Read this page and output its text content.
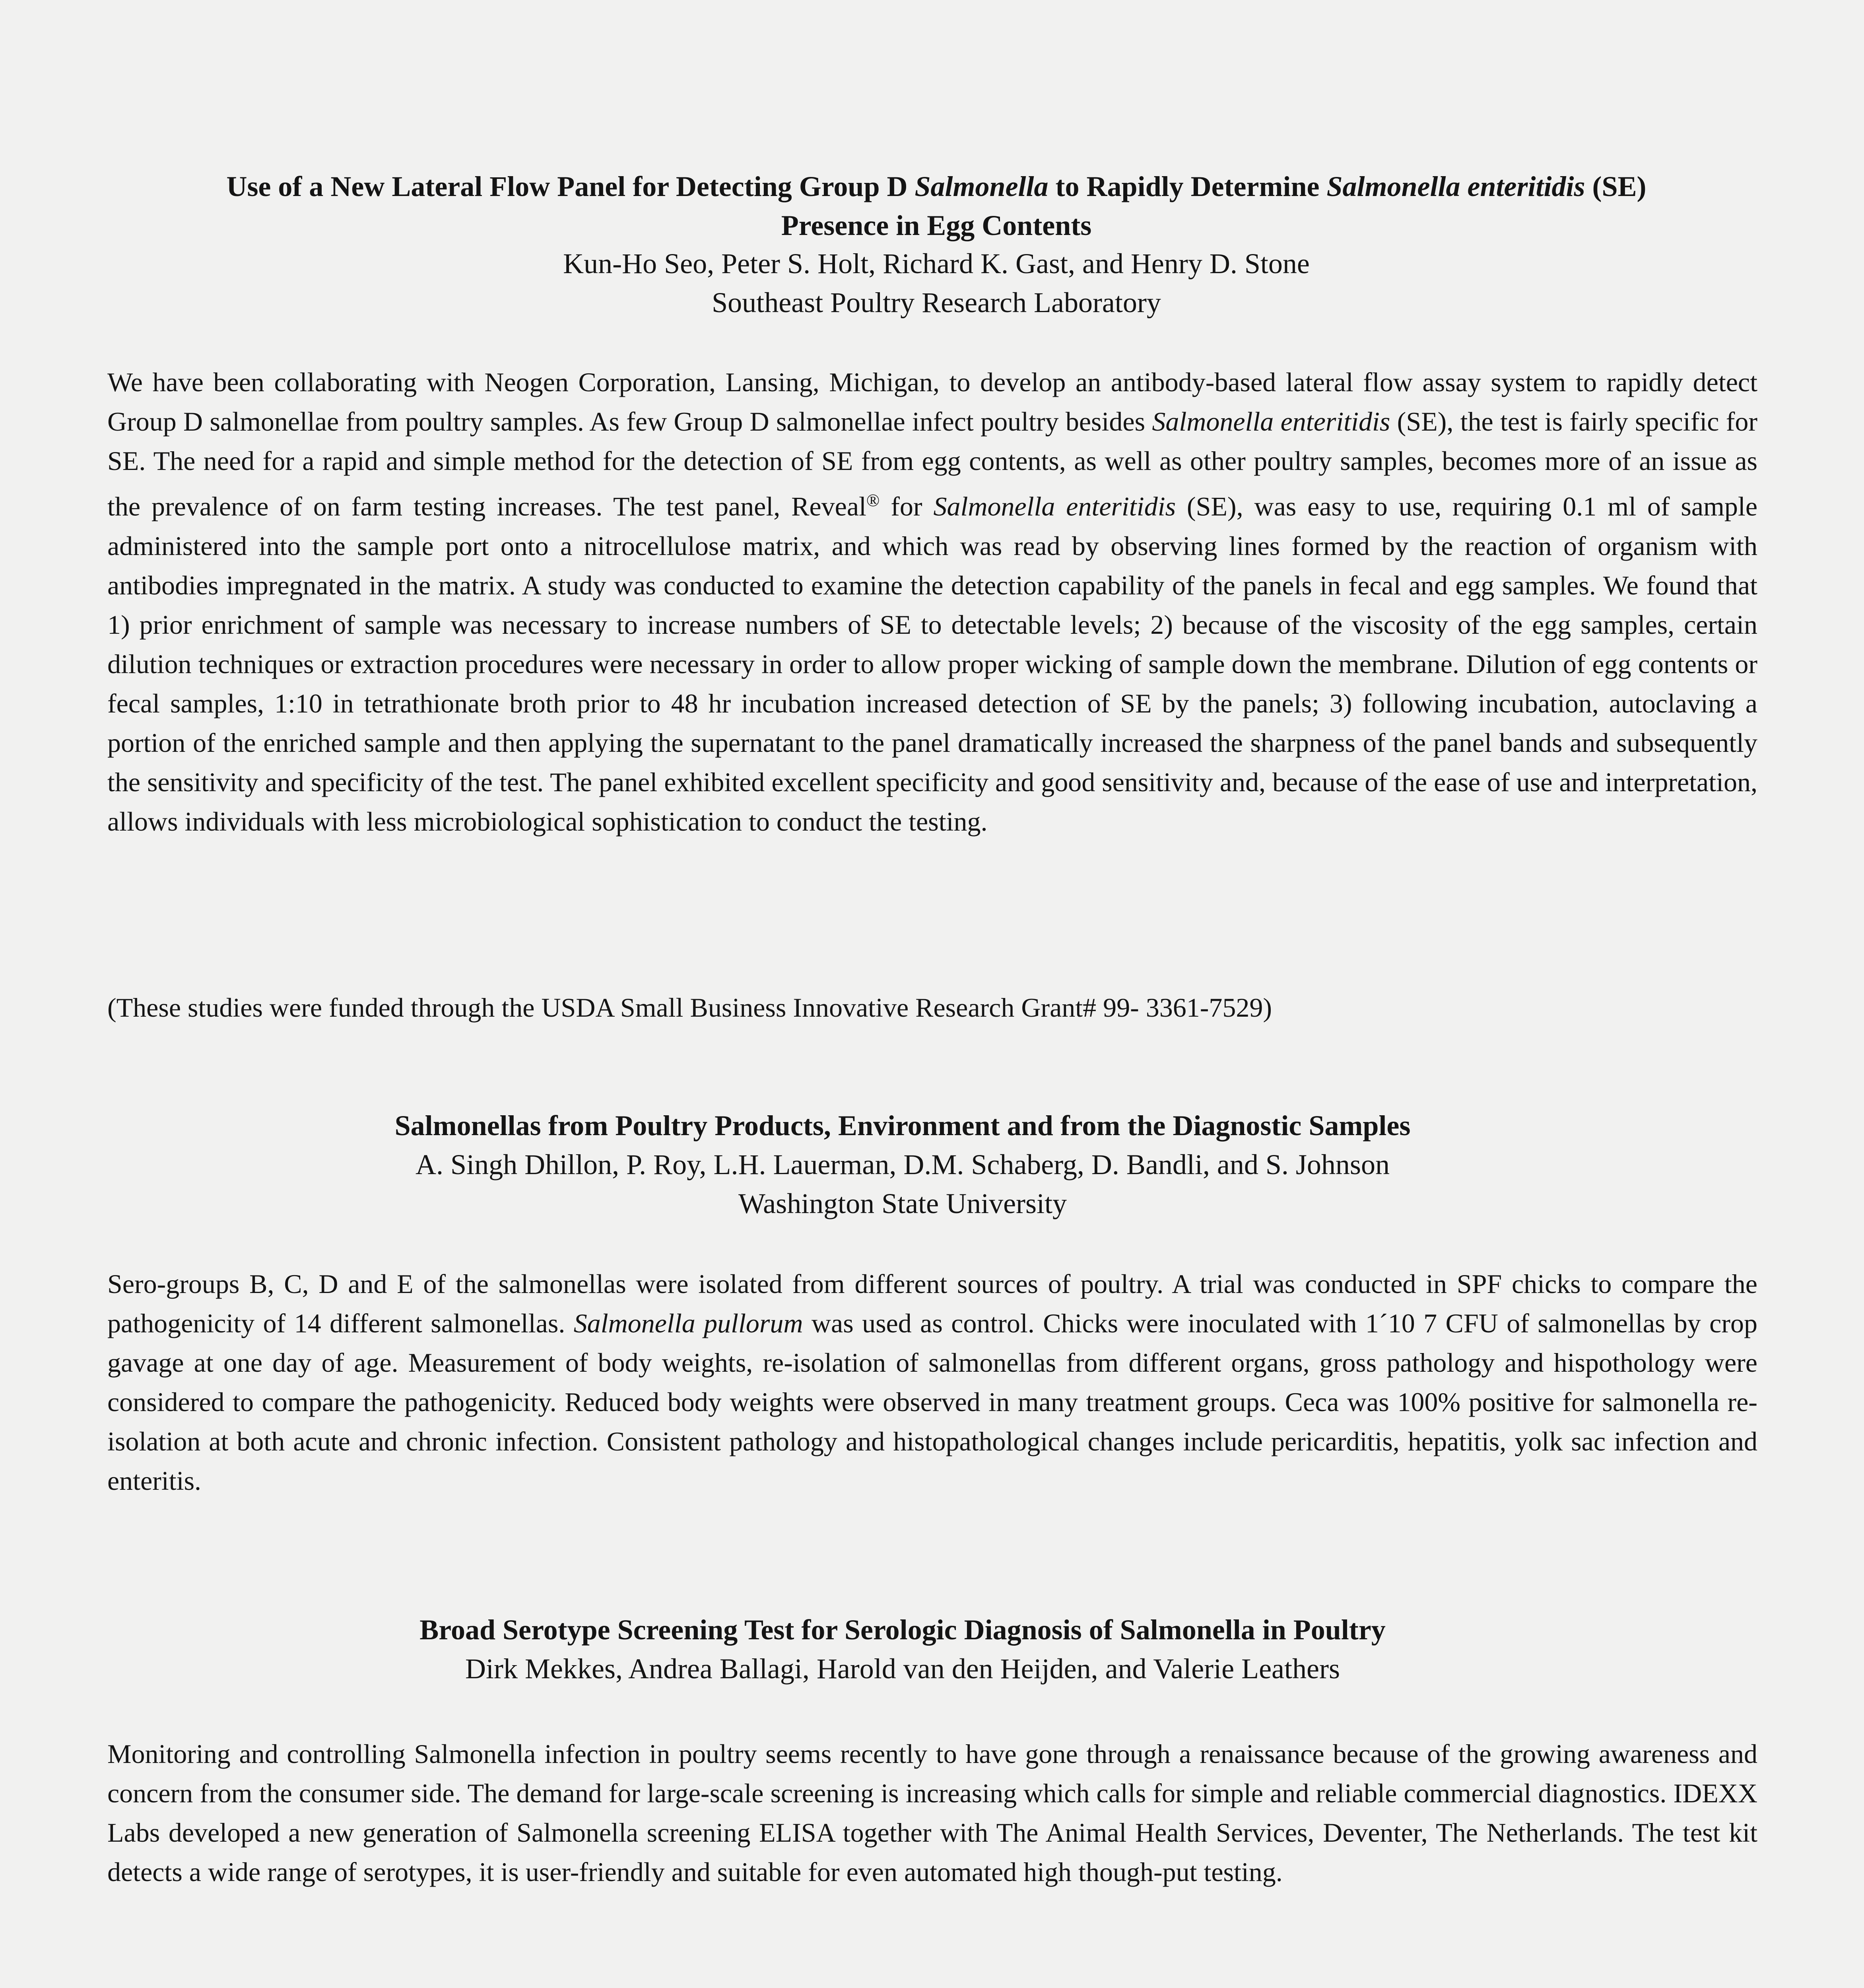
Use of a New Lateral Flow Panel for Detecting Group D Salmonella to Rapidly Determine Salmonella enteritidis (SE)
Presence in Egg Contents
Kun-Ho Seo, Peter S. Holt, Richard K. Gast, and Henry D. Stone
Southeast Poultry Research Laboratory
We have been collaborating with Neogen Corporation, Lansing, Michigan, to develop an antibody-based lateral flow assay system to rapidly detect Group D salmonellae from poultry samples. As few Group D salmonellae infect poultry besides Salmonella enteritidis (SE), the test is fairly specific for SE. The need for a rapid and simple method for the detection of SE from egg contents, as well as other poultry samples, becomes more of an issue as the prevalence of on farm testing increases. The test panel, Reveal® for Salmonella enteritidis (SE), was easy to use, requiring 0.1 ml of sample administered into the sample port onto a nitrocellulose matrix, and which was read by observing lines formed by the reaction of organism with antibodies impregnated in the matrix. A study was conducted to examine the detection capability of the panels in fecal and egg samples. We found that 1) prior enrichment of sample was necessary to increase numbers of SE to detectable levels; 2) because of the viscosity of the egg samples, certain dilution techniques or extraction procedures were necessary in order to allow proper wicking of sample down the membrane. Dilution of egg contents or fecal samples, 1:10 in tetrathionate broth prior to 48 hr incubation increased detection of SE by the panels; 3) following incubation, autoclaving a portion of the enriched sample and then applying the supernatant to the panel dramatically increased the sharpness of the panel bands and subsequently the sensitivity and specificity of the test. The panel exhibited excellent specificity and good sensitivity and, because of the ease of use and interpretation, allows individuals with less microbiological sophistication to conduct the testing.
(These studies were funded through the USDA Small Business Innovative Research Grant# 99- 3361-7529)
Salmonellas from Poultry Products, Environment and from the Diagnostic Samples
A. Singh Dhillon, P. Roy, L.H. Lauerman, D.M. Schaberg, D. Bandli, and S. Johnson
Washington State University
Sero-groups B, C, D and E of the salmonellas were isolated from different sources of poultry. A trial was conducted in SPF chicks to compare the pathogenicity of 14 different salmonellas. Salmonella pullorum was used as control. Chicks were inoculated with 1´10 7 CFU of salmonellas by crop gavage at one day of age. Measurement of body weights, re-isolation of salmonellas from different organs, gross pathology and hispothology were considered to compare the pathogenicity. Reduced body weights were observed in many treatment groups. Ceca was 100% positive for salmonella re-isolation at both acute and chronic infection. Consistent pathology and histopathological changes include pericarditis, hepatitis, yolk sac infection and enteritis.
Broad Serotype Screening Test for Serologic Diagnosis of Salmonella in Poultry
Dirk Mekkes, Andrea Ballagi, Harold van den Heijden, and Valerie Leathers
Monitoring and controlling Salmonella infection in poultry seems recently to have gone through a renaissance because of the growing awareness and concern from the consumer side. The demand for large-scale screening is increasing which calls for simple and reliable commercial diagnostics. IDEXX Labs developed a new generation of Salmonella screening ELISA together with The Animal Health Services, Deventer, The Netherlands. The test kit detects a wide range of serotypes, it is user-friendly and suitable for even automated high though-put testing.
